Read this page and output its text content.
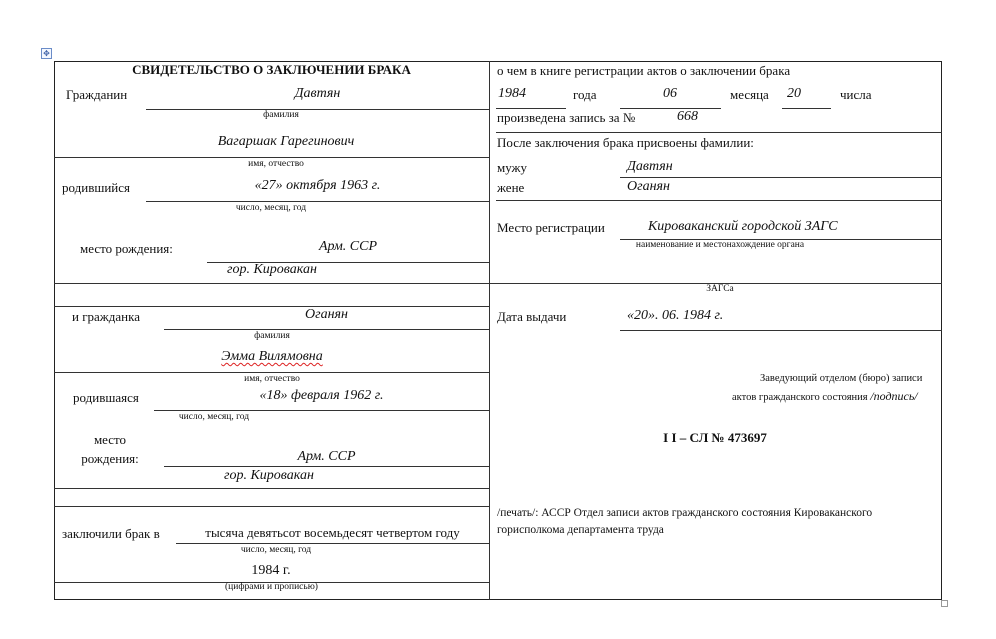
✥
СВИДЕТЕЛЬСТВО О ЗАКЛЮЧЕНИИ БРАКА
Гражданин	Давтян
фамилия
Вагаршак Гарегинович
имя, отчество
родившийся	«27» октября 1963 г.
число, месяц, год
место рождения:	Арм. ССР
гор. Кировакан
и гражданка	Оганян
фамилия
Эмма Вилямовна
имя, отчество
родившаяся	«18» февраля 1962 г.
число, месяц, год
место
рождения:	Арм. ССР
гор. Кировакан
заключили брак в	тысяча девятьсот восемьдесят четвертом году
число, месяц, год
1984 г.
(цифрами и прописью)
о чем в книге регистрации актов о заключении брака
1984	года	06	месяца 20	числа
произведена запись за №	668
После заключения брака присвоены фамилии:
мужу	Давтян
жене	Оганян
Место регистрации	Кироваканский городской ЗАГС
наименование и местонахождение органа
ЗАГСа
Дата выдачи	«20». 06. 1984 г.
Заведующий отделом (бюро) записи
актов гражданского состояния /подпись/
I I – СЛ № 473697
/печать/: АССР Отдел записи актов гражданского состояния Кироваканского
горисполкома департамента труда
